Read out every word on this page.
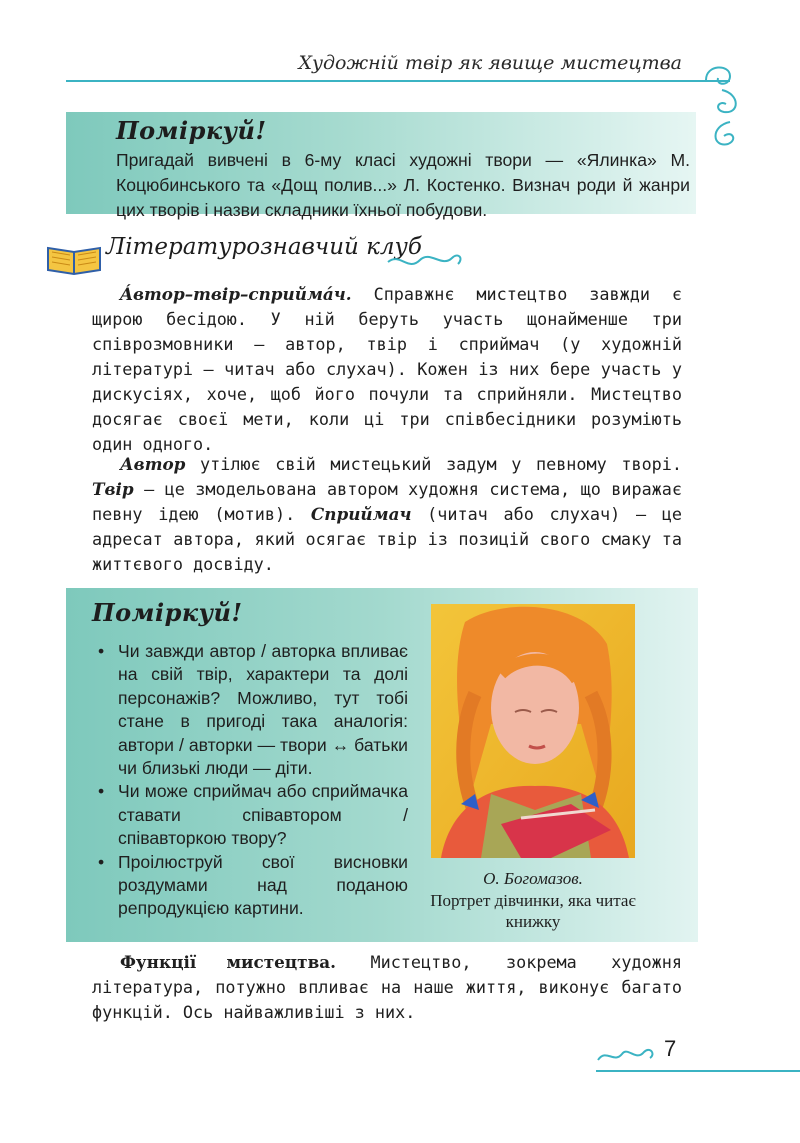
Художній твір як явище мистецтва
Поміркуй!
Пригадай вивчені в 6-му класі художні твори — «Ялинка» М. Коцюбинського та «Дощ полив...» Л. Костенко. Визнач роди й жанри цих творів і назви складники їхньої побудови.
Літературознавчий клуб

Áвтор–твір–сприймáч. Справжнє мистецтво завжди є щирою бесідою. У ній беруть участь щонайменше три співрозмовники — автор, твір і сприймач (у художній літературі — читач або слухач). Кожен із них бере участь у дискусіях, хоче, щоб його почули та сприйняли. Мистецтво досягає своєї мети, коли ці три співбесідники розуміють один одного.

Автор утілює свій мистецький задум у певному творі. Твір — це змодельована автором художня система, що виражає певну ідею (мотив). Сприймач (читач або слухач) — це адресат автора, який осягає твір із позицій свого смаку та життєвого досвіду.

Поміркуй!
• Чи завжди автор / авторка впливає на свій твір, характери та долі персонажів? Можливо, тут тобі стане в пригоді така аналогія: автори / авторки — твори ↔ батьки чи близькі люди — діти.
• Чи може сприймач або сприймачка ставати співавтором / співавторкою твору?
• Проілюструй свої висновки роздумами над поданою репродукцією картини.
О. Богомазов.
Портрет дівчинки, яка читає книжку

Функції мистецтва. Мистецтво, зокрема художня література, потужно впливає на наше життя, виконує багато функцій. Ось найважливіші з них.

7
